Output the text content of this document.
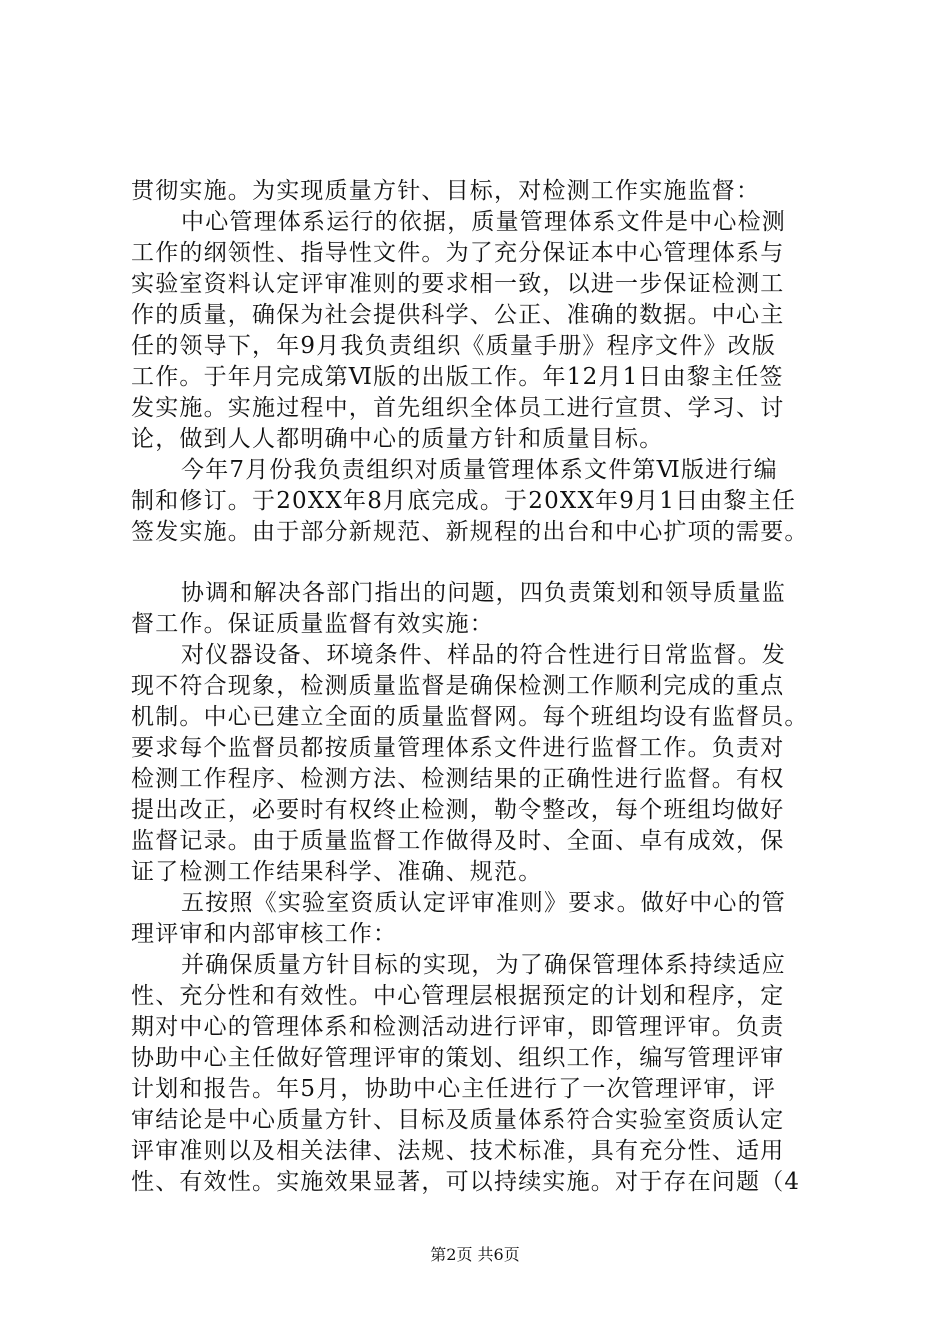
贯彻实施。为实现质量方针、目标，对检测工作实施监督：
中心管理体系运行的依据，质量管理体系文件是中心检测
工作的纲领性、指导性文件。为了充分保证本中心管理体系与
实验室资料认定评审准则的要求相一致，以进一步保证检测工
作的质量，确保为社会提供科学、公正、准确的数据。中心主
任的领导下，年9月我负责组织《质量手册》程序文件》改版
工作。于年月完成第Ⅵ版的出版工作。年12月1日由黎主任签
发实施。实施过程中，首先组织全体员工进行宣贯、学习、讨
论，做到人人都明确中心的质量方针和质量目标。
今年7月份我负责组织对质量管理体系文件第Ⅵ版进行编
制和修订。于20XX年8月底完成。于20XX年9月1日由黎主任
签发实施。由于部分新规范、新规程的出台和中心扩项的需要。
协调和解决各部门指出的问题，四负责策划和领导质量监
督工作。保证质量监督有效实施：
对仪器设备、环境条件、样品的符合性进行日常监督。发
现不符合现象，检测质量监督是确保检测工作顺利完成的重点
机制。中心已建立全面的质量监督网。每个班组均设有监督员。
要求每个监督员都按质量管理体系文件进行监督工作。负责对
检测工作程序、检测方法、检测结果的正确性进行监督。有权
提出改正，必要时有权终止检测，勒令整改，每个班组均做好
监督记录。由于质量监督工作做得及时、全面、卓有成效，保
证了检测工作结果科学、准确、规范。
五按照《实验室资质认定评审准则》要求。做好中心的管
理评审和内部审核工作：
并确保质量方针目标的实现，为了确保管理体系持续适应
性、充分性和有效性。中心管理层根据预定的计划和程序，定
期对中心的管理体系和检测活动进行评审，即管理评审。负责
协助中心主任做好管理评审的策划、组织工作，编写管理评审
计划和报告。年5月，协助中心主任进行了一次管理评审，评
审结论是中心质量方针、目标及质量体系符合实验室资质认定
评审准则以及相关法律、法规、技术标准，具有充分性、适用
性、有效性。实施效果显著，可以持续实施。对于存在问题（4
第2页 共6页
